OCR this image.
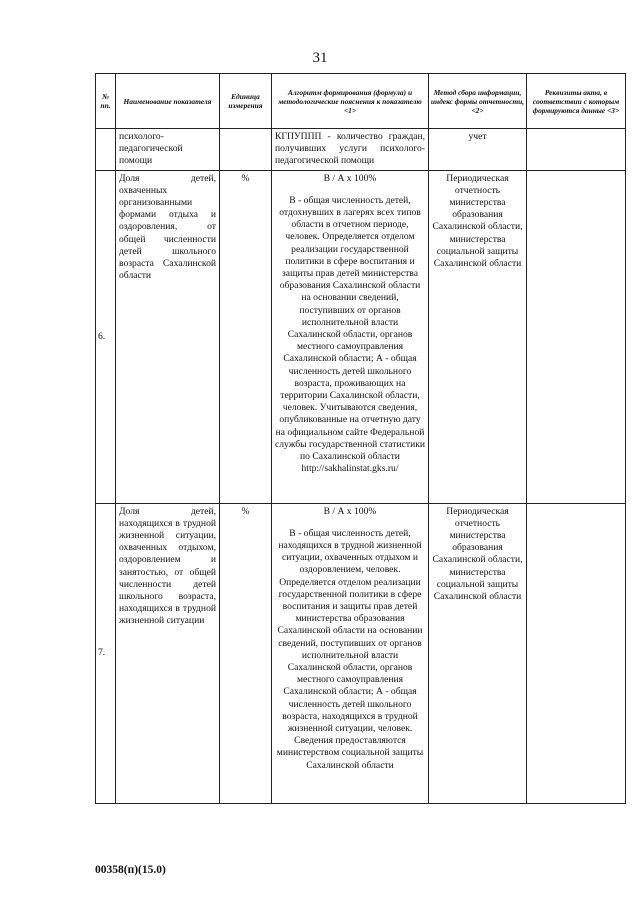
31
№ пп.	Наименование показателя	Единица измерения	Алгоритм формирования (формула) и методологические пояснения к показателю <1>	Метод сбора информации, индекс формы отчетности, <2>	Реквизиты акта, в соответствии с которым формируются данные <3>
	психолого-педагогической помощи		КГПУППП - количество граждан, получивших услуги психолого-педагогической помощи	учет	
6.	Доля детей, охваченных организованными формами отдыха и оздоровления, от общей численности детей школьного возраста Сахалинской области	%	В / А х 100%
В - общая численность детей, отдохнувших в лагерях всех типов области в отчетном периоде, человек. Определяется отделом реализации государственной политики в сфере воспитания и защиты прав детей министерства образования Сахалинской области на основании сведений, поступивших от органов исполнительной власти Сахалинской области, органов местного самоуправления Сахалинской области; А - общая численность детей школьного возраста, проживающих на территории Сахалинской области, человек. Учитываются сведения, опубликованные на отчетную дату на официальном сайте Федеральной службы государственной статистики по Сахалинской области http://sakhalinstat.gks.ru/	Периодическая отчетность министерства образования Сахалинской области, министерства социальной защиты Сахалинской области	
7.	Доля детей, находящихся в трудной жизненной ситуации, охваченных отдыхом, оздоровлением и занятостью, от общей численности детей школьного возраста, находящихся в трудной жизненной ситуации	%	В / А х 100%
В - общая численность детей, находящихся в трудной жизненной ситуации, охваченных отдыхом и оздоровлением, человек. Определяется отделом реализации государственной политики в сфере воспитания и защиты прав детей министерства образования Сахалинской области на основании сведений, поступивших от органов исполнительной власти Сахалинской области, органов местного самоуправления Сахалинской области; А - общая численность детей школьного возраста, находящихся в трудной жизненной ситуации, человек. Сведения предоставляются министерством социальной защиты Сахалинской области	Периодическая отчетность министерства образования Сахалинской области, министерства социальной защиты Сахалинской области	
00358(п)(15.0)
